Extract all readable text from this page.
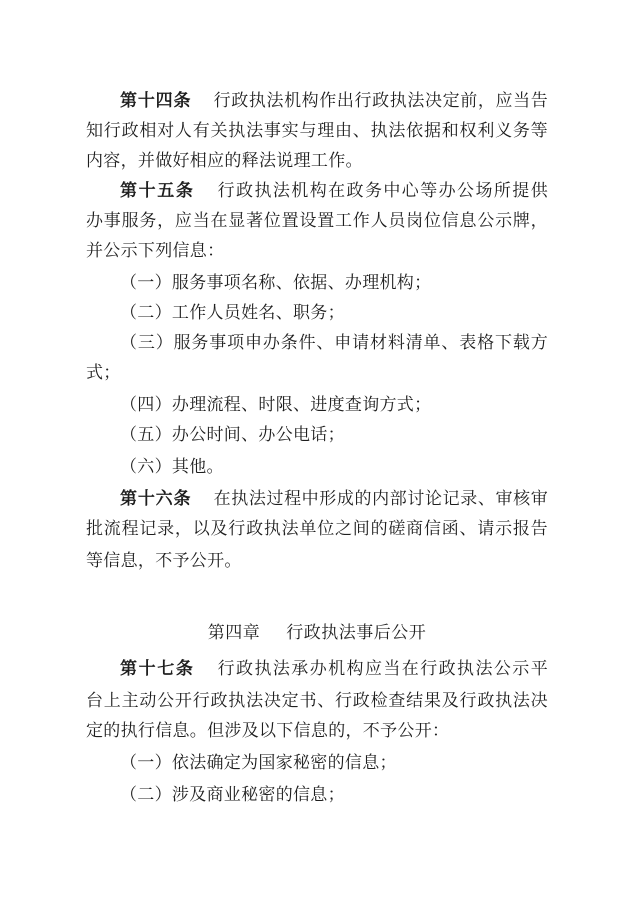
第十四条 行政执法机构作出行政执法决定前，应当告
知行政相对人有关执法事实与理由、执法依据和权利义务等
内容，并做好相应的释法说理工作。
第十五条 行政执法机构在政务中心等办公场所提供
办事服务，应当在显著位置设置工作人员岗位信息公示牌，
并公示下列信息：
（一）服务事项名称、依据、办理机构；
（二）工作人员姓名、职务；
（三）服务事项申办条件、申请材料清单、表格下载方
式；
（四）办理流程、时限、进度查询方式；
（五）办公时间、办公电话；
（六）其他。
第十六条 在执法过程中形成的内部讨论记录、审核审
批流程记录，以及行政执法单位之间的磋商信函、请示报告
等信息，不予公开。
第四章 行政执法事后公开
第十七条 行政执法承办机构应当在行政执法公示平
台上主动公开行政执法决定书、行政检查结果及行政执法决
定的执行信息。但涉及以下信息的，不予公开：
（一）依法确定为国家秘密的信息；
（二）涉及商业秘密的信息；
